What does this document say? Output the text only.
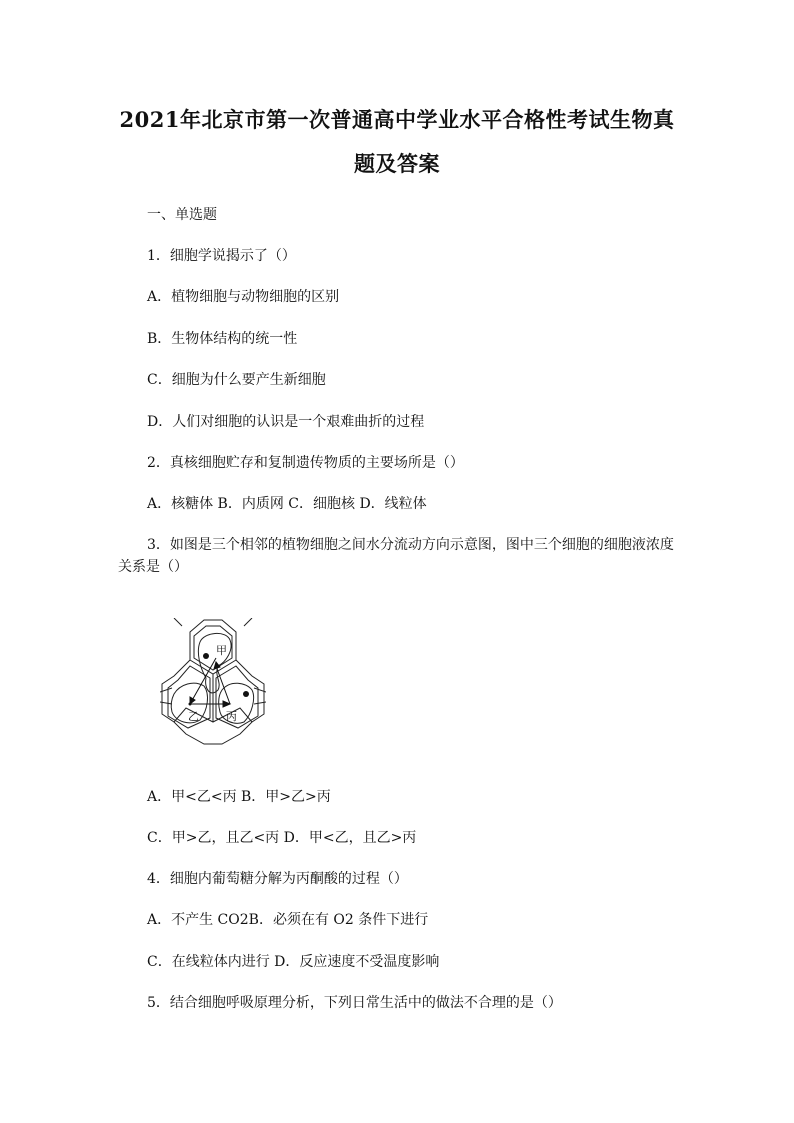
2021年北京市第一次普通高中学业水平合格性考试生物真
题及答案
一、单选题
1．细胞学说揭示了（）
A．植物细胞与动物细胞的区别
B．生物体结构的统一性
C．细胞为什么要产生新细胞
D．人们对细胞的认识是一个艰难曲折的过程
2．真核细胞贮存和复制遗传物质的主要场所是（）
A．核糖体 B．内质网 C．细胞核 D．线粒体
3．如图是三个相邻的植物细胞之间水分流动方向示意图，图中三个细胞的细胞液浓度关系是（）
甲
乙 丙
A．甲<乙<丙 B．甲>乙>丙
C．甲>乙，且乙<丙 D．甲<乙，且乙>丙
4．细胞内葡萄糖分解为丙酮酸的过程（）
A．不产生 CO2B．必须在有 O2 条件下进行
C．在线粒体内进行 D．反应速度不受温度影响
5．结合细胞呼吸原理分析，下列日常生活中的做法不合理的是（）
